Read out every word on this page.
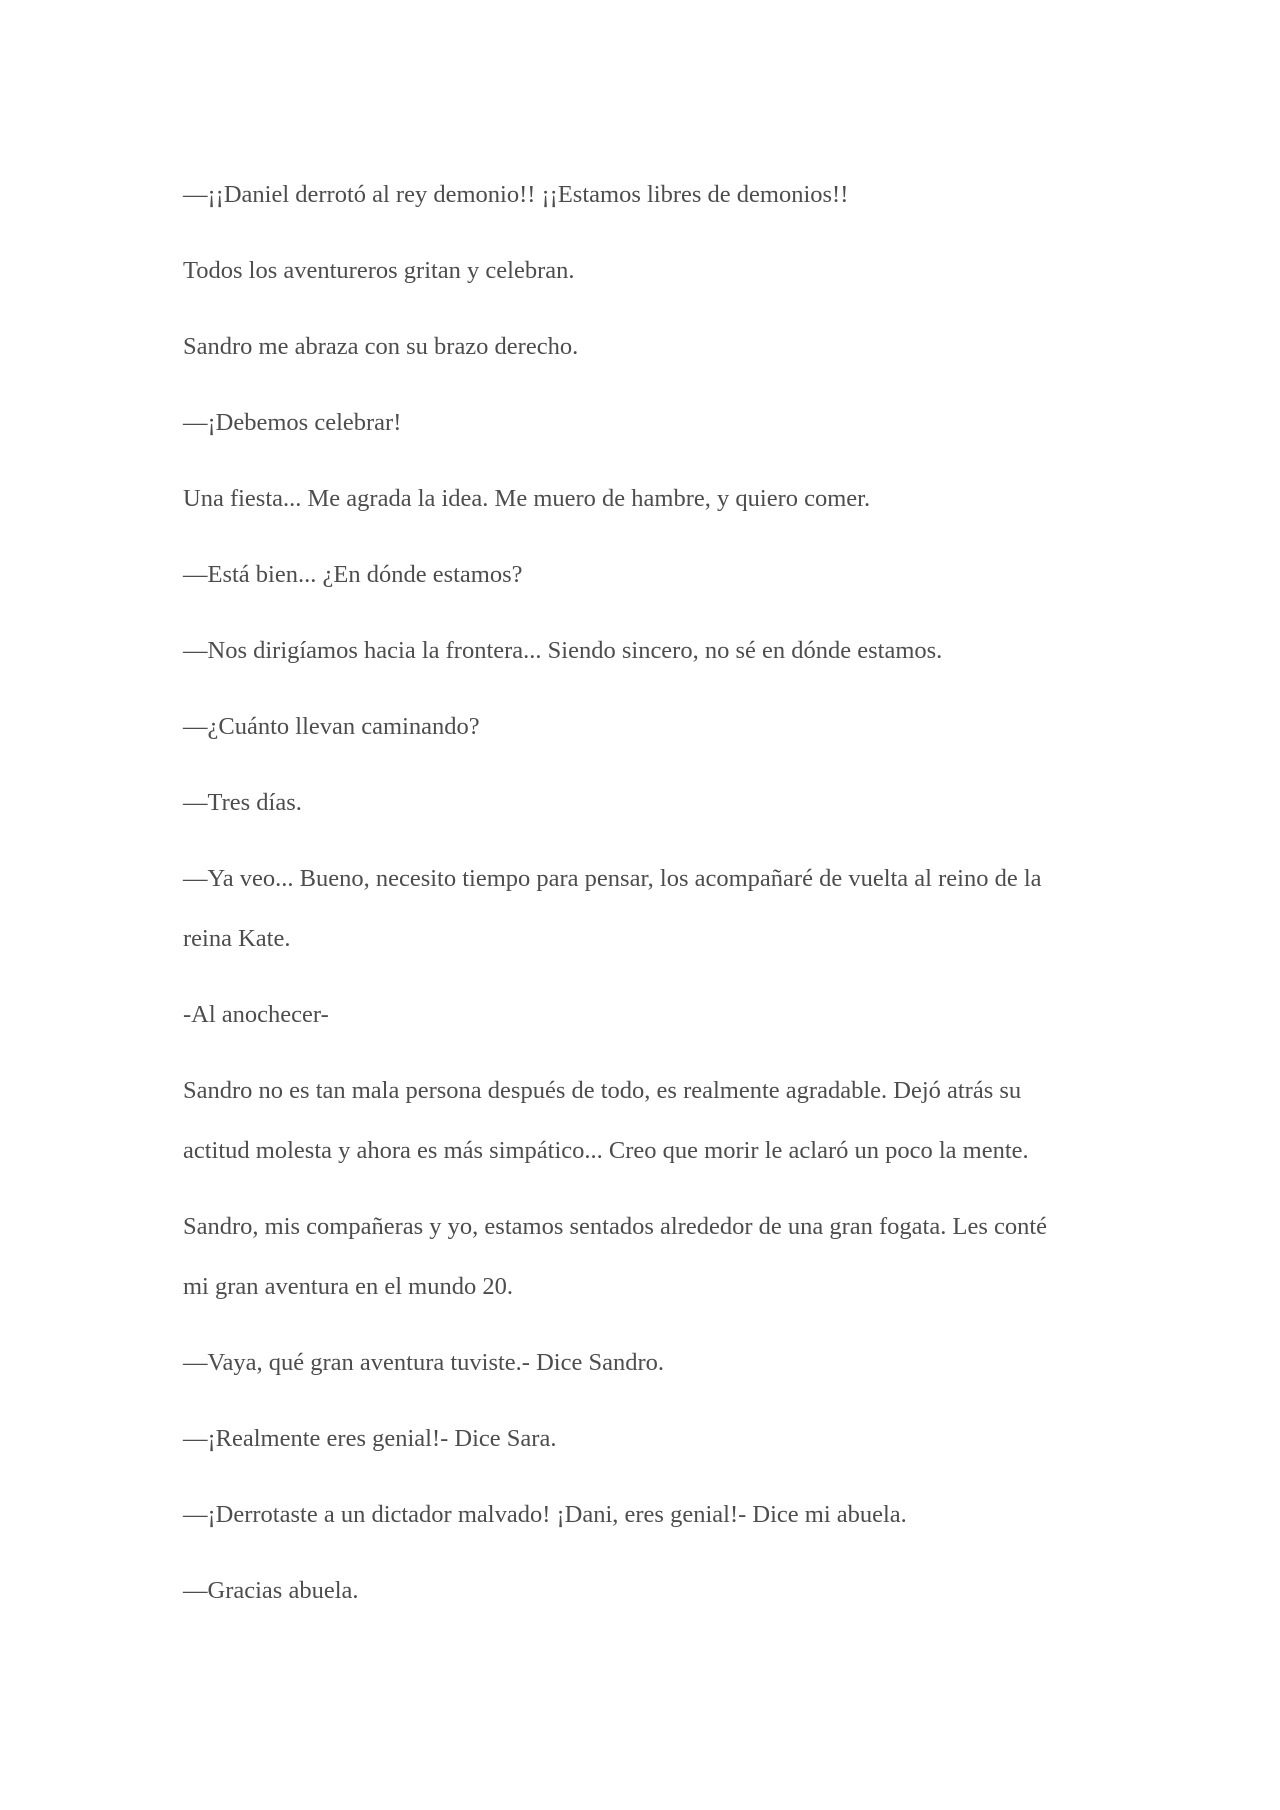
—¡¡Daniel derrotó al rey demonio!! ¡¡Estamos libres de demonios!!

Todos los aventureros gritan y celebran.

Sandro me abraza con su brazo derecho.

—¡Debemos celebrar!

Una fiesta... Me agrada la idea. Me muero de hambre, y quiero comer.

—Está bien... ¿En dónde estamos?

—Nos dirigíamos hacia la frontera... Siendo sincero, no sé en dónde estamos.

—¿Cuánto llevan caminando?

—Tres días.

—Ya veo... Bueno, necesito tiempo para pensar, los acompañaré de vuelta al reino de la
reina Kate.

-Al anochecer-

Sandro no es tan mala persona después de todo, es realmente agradable. Dejó atrás su
actitud molesta y ahora es más simpático... Creo que morir le aclaró un poco la mente.

Sandro, mis compañeras y yo, estamos sentados alrededor de una gran fogata. Les conté
mi gran aventura en el mundo 20.

—Vaya, qué gran aventura tuviste.- Dice Sandro.

—¡Realmente eres genial!- Dice Sara.

—¡Derrotaste a un dictador malvado! ¡Dani, eres genial!- Dice mi abuela.

—Gracias abuela.
